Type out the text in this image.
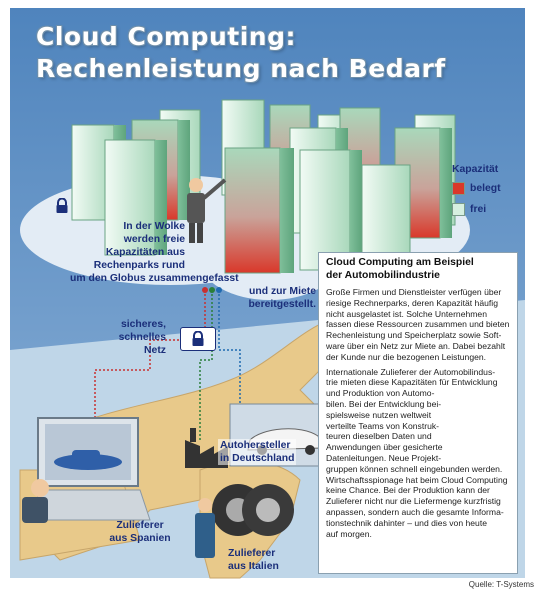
Cloud Computing:
Rechenleistung nach Bedarf
Kapazität
belegt
frei
In der Wolke
werden freie
Kapazitäten aus
Rechenparks rund
um den Globus zusammengefasst
und zur Miete
bereitgestellt.
sicheres,
schnelles
Netz
Autohersteller
in Deutschland
Zulieferer
aus Spanien
Zulieferer
aus Italien
Cloud Computing am Beispiel
der Automobilindustrie

Große Firmen und Dienstleister verfügen über
riesige Rechnerparks, deren Kapazität häufig
nicht ausgelastet ist. Solche Unternehmen
fassen diese Ressourcen zusammen und bieten
Rechenleistung und Speicherplatz sowie Soft-
ware über ein Netz zur Miete an. Dabei bezahlt
der Kunde nur die bezogenen Leistungen.

Internationale Zulieferer der Automobilindus-
trie mieten diese Kapazitäten für Entwicklung
und Produktion von Automo-
bilen. Bei der Entwicklung bei-
spielsweise nutzen weltweit
verteilte Teams von Konstruk-
teuren dieselben Daten und
Anwendungen über gesicherte
Datenleitungen. Neue Projekt-
gruppen können schnell eingebunden werden.
Wirtschaftsspionage hat beim Cloud Computing
keine Chance. Bei der Produktion kann der
Zulieferer nicht nur die Liefermenge kurzfristig
anpassen, sondern auch die gesamte Informa-
tionstechnik dahinter – und dies von heute
auf morgen.

Quelle: T-Systems
